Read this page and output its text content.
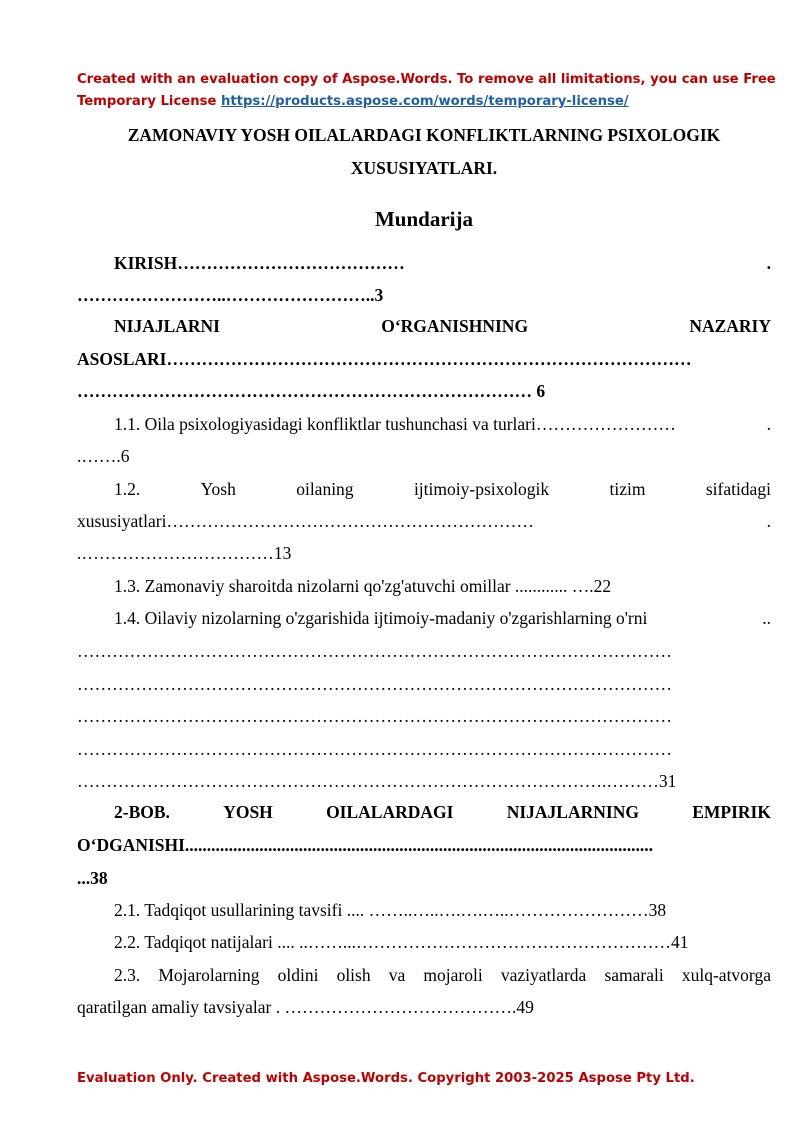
Created with an evaluation copy of Aspose.Words. To remove all limitations, you can use Free
Temporary License https://products.aspose.com/words/temporary-license/
ZAMONAVIY YOSH OILALARDAGI KONFLIKTLARNING PSIXOLOGIK
XUSUSIYATLARI.
Mundarija
KIRISH…………………………………	.
……………………..……………………..3
NIJAJLARNI	O‘RGANISHNING	NAZARIY
ASOSLARI………………………………………………………………………………
…………………………………………………………………… 6
1.1. Oila psixologiyasidagi konfliktlar tushunchasi va turlari……………………	.
.…….6
1.2.	Yosh	oilaning	ijtimoiy-psixologik	tizim	sifatidagi
xususiyatlari………………………………………………………	.
.……………………………13
1.3. Zamonaviy sharoitda nizolarni qo'zg'atuvchi omillar ............ ….22
1.4. Oilaviy nizolarning o'zgarishida ijtimoiy-madaniy o'zgarishlarning o'rni	..
…………………………………………………………………………………………
…………………………………………………………………………………………
…………………………………………………………………………………………
…………………………………………………………………………………………
……………………………………………………………………………….………31
2-BOB.	YOSH	OILALARDAGI	NIJAJLARNING	EMPIRIK
O‘DGANISHI...........................................................................................................
...38
2.1. Tadqiqot usullarining tavsifi .... ……..…..….….…..……………………38
2.2. Tadqiqot natijalari .... ..……...………………………………………………41
2.3. Mojarolarning oldini olish va mojaroli vaziyatlarda samarali xulq-atvorga
qaratilgan amaliy tavsiyalar . ………………………………….49
Evaluation Only. Created with Aspose.Words. Copyright 2003-2025 Aspose Pty Ltd.
